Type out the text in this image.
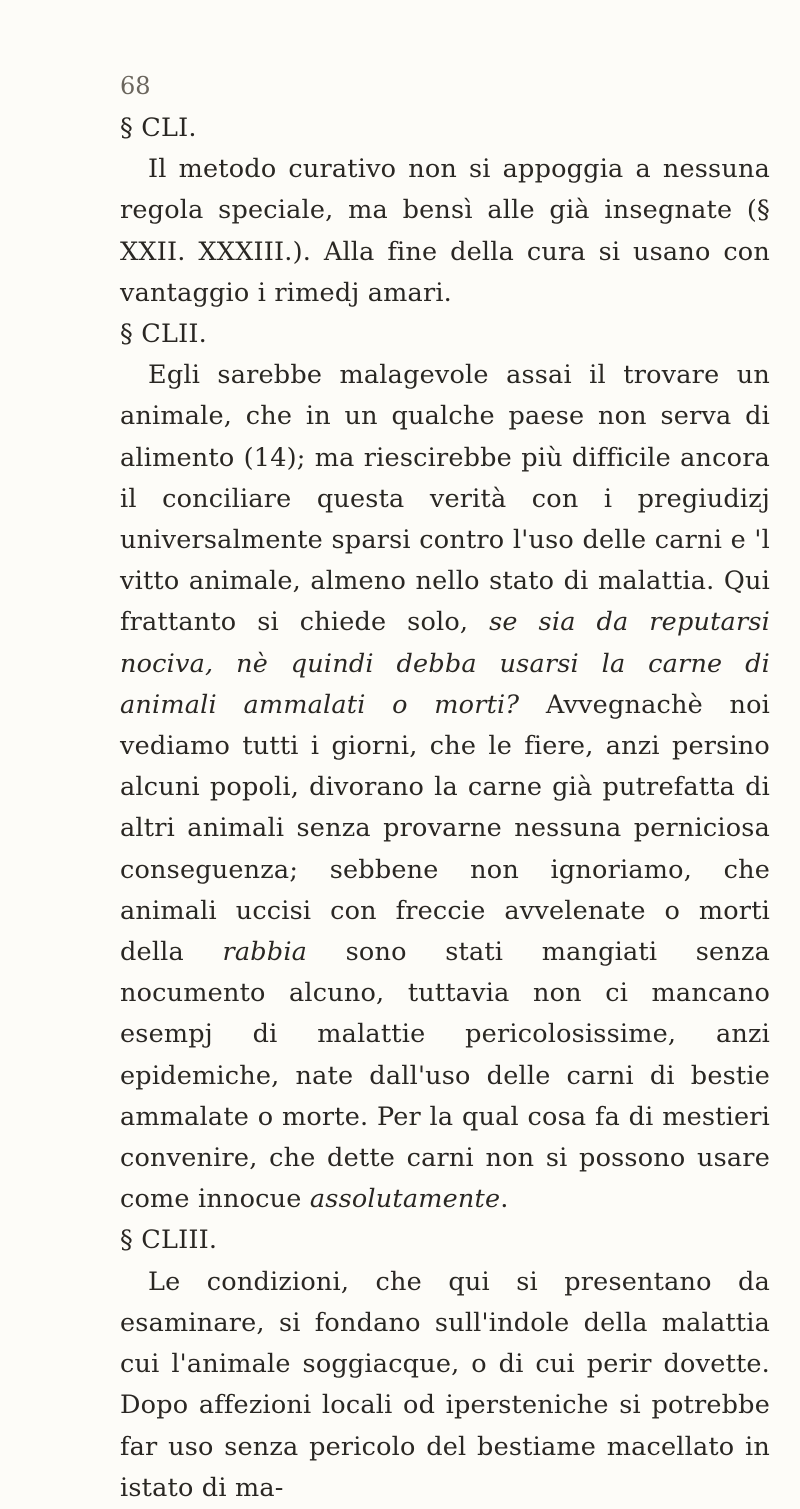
68

§ CLI.

Il metodo curativo non si appoggia a nessuna regola speciale, ma bensì alle già insegnate (§ XXII. XXXIII.). Alla fine della cura si usano con vantaggio i rimedj amari.

§ CLII.

Egli sarebbe malagevole assai il trovare un animale, che in un qualche paese non serva di alimento (14); ma riescirebbe più difficile ancora il conciliare questa verità con i pregiudizj universalmente sparsi contro l'uso delle carni e 'l vitto animale, almeno nello stato di malattia. Qui frattanto si chiede solo, se sia da reputarsi nociva, nè quindi debba usarsi la carne di animali ammalati o morti? Avvegnachè noi vediamo tutti i giorni, che le fiere, anzi persino alcuni popoli, divorano la carne già putrefatta di altri animali senza provarne nessuna perniciosa conseguenza; sebbene non ignoriamo, che animali uccisi con freccie avvelenate o morti della rabbia sono stati mangiati senza nocumento alcuno, tuttavia non ci mancano esempj di malattie pericolosissime, anzi epidemiche, nate dall'uso delle carni di bestie ammalate o morte. Per la qual cosa fa di mestieri convenire, che dette carni non si possono usare come innocue assolutamente.

§ CLIII.

Le condizioni, che qui si presentano da esaminare, si fondano sull'indole della malattia cui l'animale soggiacque, o di cui perir dovette. Dopo affezioni locali od ipersteniche si potrebbe far uso senza pericolo del bestiame macellato in istato di ma-
